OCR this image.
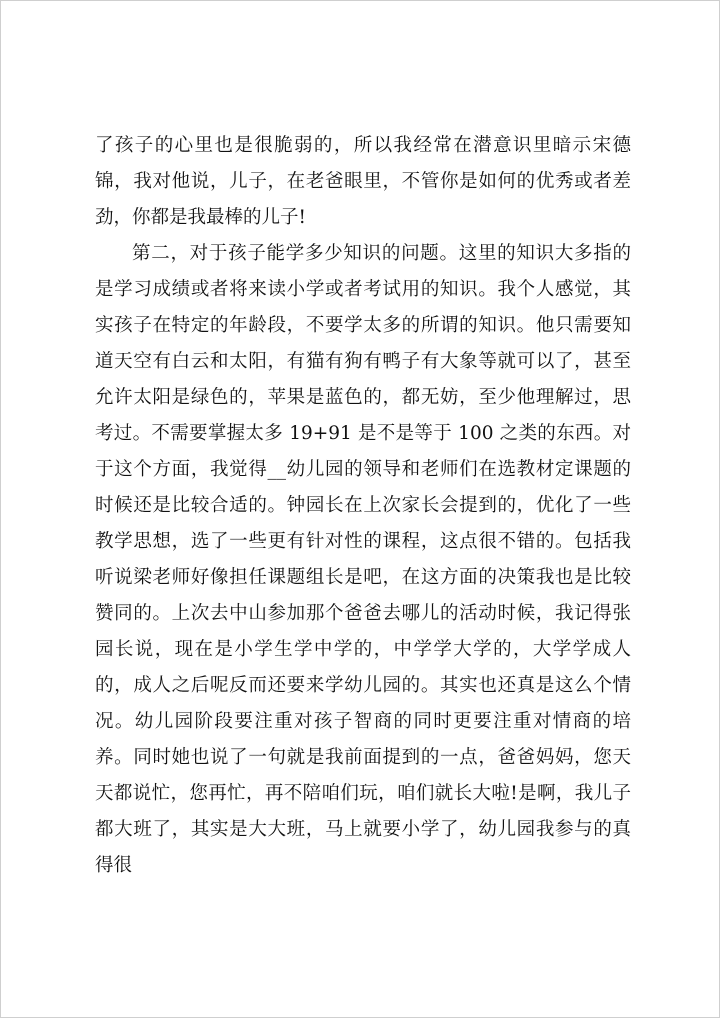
了孩子的心里也是很脆弱的，所以我经常在潜意识里暗示宋德锦，我对他说，儿子，在老爸眼里，不管你是如何的优秀或者差劲，你都是我最棒的儿子!

第二，对于孩子能学多少知识的问题。这里的知识大多指的是学习成绩或者将来读小学或者考试用的知识。我个人感觉，其实孩子在特定的年龄段，不要学太多的所谓的知识。他只需要知道天空有白云和太阳，有猫有狗有鸭子有大象等就可以了，甚至允许太阳是绿色的，苹果是蓝色的，都无妨，至少他理解过，思考过。不需要掌握太多 19+91 是不是等于 100 之类的东西。对于这个方面，我觉得__幼儿园的领导和老师们在选教材定课题的时候还是比较合适的。钟园长在上次家长会提到的，优化了一些教学思想，选了一些更有针对性的课程，这点很不错的。包括我听说梁老师好像担任课题组长是吧，在这方面的决策我也是比较赞同的。上次去中山参加那个爸爸去哪儿的活动时候，我记得张园长说，现在是小学生学中学的，中学学大学的，大学学成人的，成人之后呢反而还要来学幼儿园的。其实也还真是这么个情况。幼儿园阶段要注重对孩子智商的同时更要注重对情商的培养。同时她也说了一句就是我前面提到的一点，爸爸妈妈，您天天都说忙，您再忙，再不陪咱们玩，咱们就长大啦!是啊，我儿子都大班了，其实是大大班，马上就要小学了，幼儿园我参与的真得很
